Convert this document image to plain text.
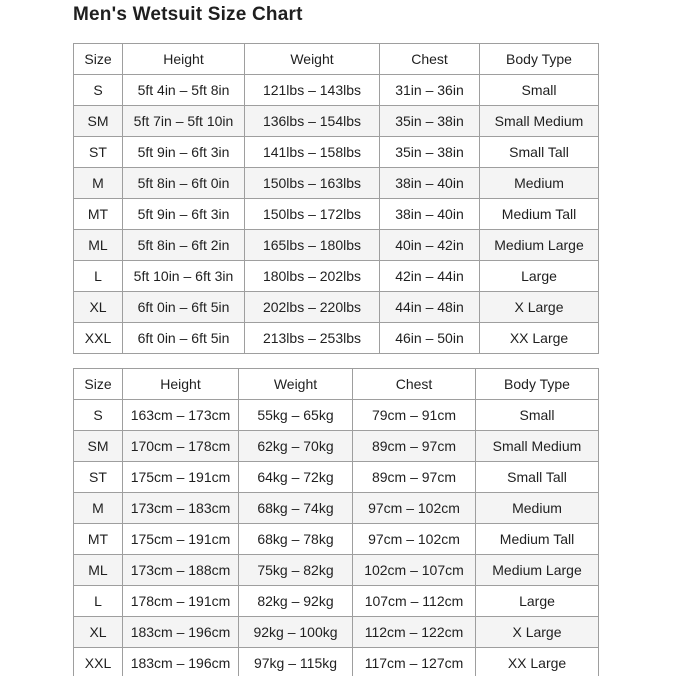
Men's Wetsuit Size Chart
Size	Height	Weight	Chest	Body Type
S	5ft 4in – 5ft 8in	121lbs – 143lbs	31in – 36in	Small
SM	5ft 7in – 5ft 10in	136lbs – 154lbs	35in – 38in	Small Medium
ST	5ft 9in – 6ft 3in	141lbs – 158lbs	35in – 38in	Small Tall
M	5ft 8in – 6ft 0in	150lbs – 163lbs	38in – 40in	Medium
MT	5ft 9in – 6ft 3in	150lbs – 172lbs	38in – 40in	Medium Tall
ML	5ft 8in – 6ft 2in	165lbs – 180lbs	40in – 42in	Medium Large
L	5ft 10in – 6ft 3in	180lbs – 202lbs	42in – 44in	Large
XL	6ft 0in – 6ft 5in	202lbs – 220lbs	44in – 48in	X Large
XXL	6ft 0in – 6ft 5in	213lbs – 253lbs	46in – 50in	XX Large
Size	Height	Weight	Chest	Body Type
S	163cm – 173cm	55kg – 65kg	79cm – 91cm	Small
SM	170cm – 178cm	62kg – 70kg	89cm – 97cm	Small Medium
ST	175cm – 191cm	64kg – 72kg	89cm – 97cm	Small Tall
M	173cm – 183cm	68kg – 74kg	97cm – 102cm	Medium
MT	175cm – 191cm	68kg – 78kg	97cm – 102cm	Medium Tall
ML	173cm – 188cm	75kg – 82kg	102cm – 107cm	Medium Large
L	178cm – 191cm	82kg – 92kg	107cm – 112cm	Large
XL	183cm – 196cm	92kg – 100kg	112cm – 122cm	X Large
XXL	183cm – 196cm	97kg – 115kg	117cm – 127cm	XX Large
